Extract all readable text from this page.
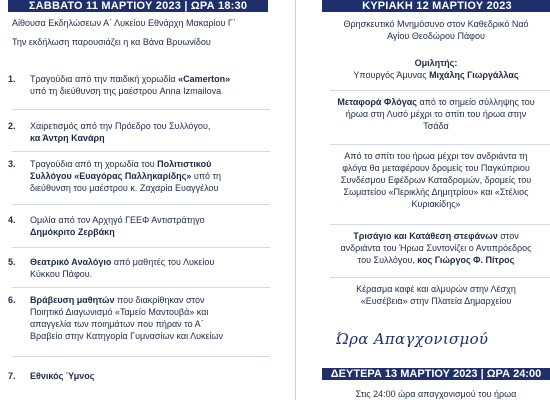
ΣΑΒΒΑΤΟ 11 ΜΑΡΤΙΟΥ 2023 | ΩΡΑ 18:30
Αίθουσα Εκδηλώσεων Α΄ Λυκείου Εθνάρχη Μακαρίου Γ΄
Την εκδήλωση παρουσιάζει η κα Βάνα Βρυωνίδου
1.	Τραγούδια από την παιδική χορωδία «Camerton»
υπό τη διεύθυνση της μαέστρου Anna Izmailova
2.	Χαιρετισμός από την Πρόεδρο του Συλλόγου,
κα Άντρη Κανάρη
3.	Τραγούδια από τη χορωδία του Πολιτιστικού
Συλλόγου «Ευαγόρας Παλληκαρίδης» υπό τη
διεύθυνση του μαέστρου κ. Ζαχαρία Ευαγγέλου
4.	Ομιλία από τον Αρχηγό ΓΕΕΦ Αντιστράτηγο
Δημόκριτο Ζερβάκη
5.	Θεατρικό Αναλόγιο από μαθητές του Λυκείου
Κύκκου Πάφου.
6.	Βράβευση μαθητών που διακρίθηκαν στον
Ποιητικό Διαγωνισμό «Ταμείο Μαντουβά» και
απαγγελία των ποιημάτων που πήραν το Α΄
Βραβείο στην Κατηγορία Γυμνασίων και Λυκείων
7.	Εθνικός Ύμνος
ΚΥΡΙΑΚΗ 12 ΜΑΡΤΙΟΥ 2023
Θρησκευτικό Μνημόσυνο στον Καθεδρικό Ναό
Αγίου Θεοδώρου Πάφου
Ομιλητής:
Υπουργός Άμυνας Μιχάλης Γιωργάλλας
Μεταφορά Φλόγας από το σημείο σύλληψης του
ήρωα στη Λυσό μέχρι το σπίτι του ήρωα στην
Τσάδα
Από το σπίτι του ήρωα μέχρι τον ανδριάντα τη
φλόγα θα μεταφέρουν δρομείς του Παγκύπριου
Συνδέσμου Εφέδρων Καταδρομών, δρομείς του
Σωματείου «Περικλής Δημητρίου» και «Στέλιος
Κυριακίδης»
Τρισάγιο και Κατάθεση στεφάνων στον
ανδριάντα του Ήρωα Συντονίζει ο Αντιπρόεδρος
του Συλλόγου, κος Γιώργος Φ. Πίτρος
Κέρασμα καφέ και αλμυρών στην Λέσχη
«Ευσέβεια» στην Πλατεία Δημαρχείου
Ώρα Απαγχονισμού
ΔΕΥΤΕΡΑ 13 ΜΑΡΤΙΟΥ 2023 | ΩΡΑ 24:00
Στις 24:00 ώρα απαγχονισμού του ήρωα
